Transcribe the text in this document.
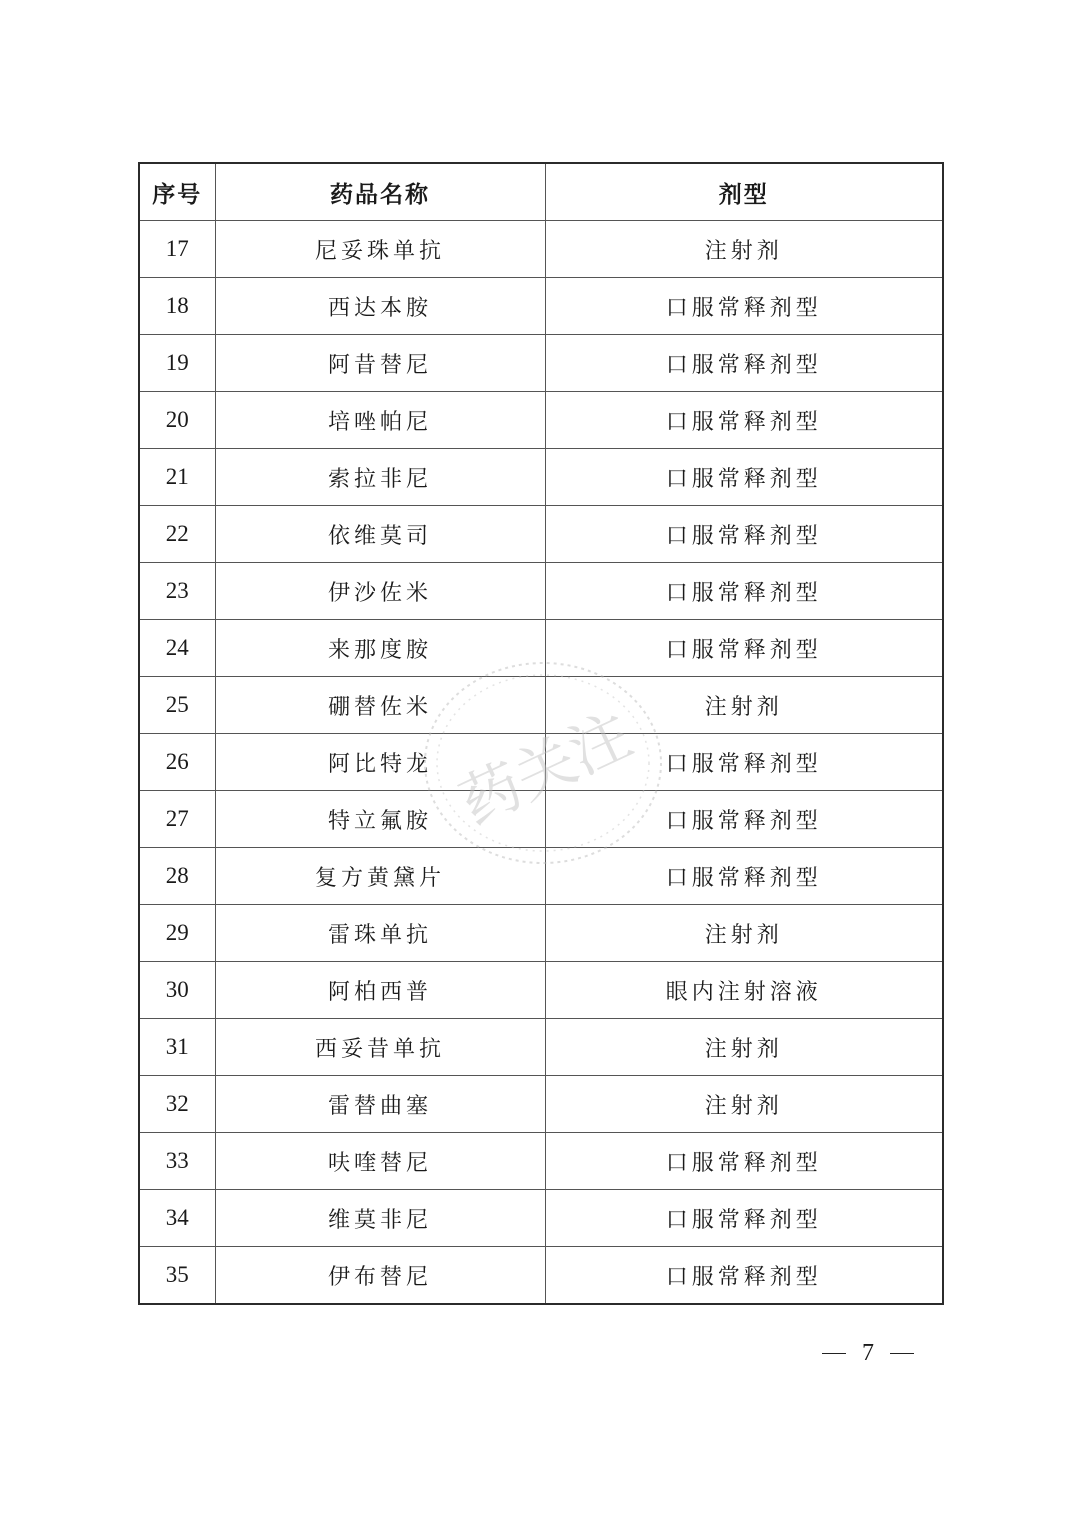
序号	药品名称	剂型
17	尼妥珠单抗	注射剂
18	西达本胺	口服常释剂型
19	阿昔替尼	口服常释剂型
20	培唑帕尼	口服常释剂型
21	索拉非尼	口服常释剂型
22	依维莫司	口服常释剂型
23	伊沙佐米	口服常释剂型
24	来那度胺	口服常释剂型
25	硼替佐米	注射剂
26	阿比特龙	口服常释剂型
27	特立氟胺	口服常释剂型
28	复方黄黛片	口服常释剂型
29	雷珠单抗	注射剂
30	阿柏西普	眼内注射溶液
31	西妥昔单抗	注射剂
32	雷替曲塞	注射剂
33	呋喹替尼	口服常释剂型
34	维莫非尼	口服常释剂型
35	伊布替尼	口服常释剂型
药关注
7
